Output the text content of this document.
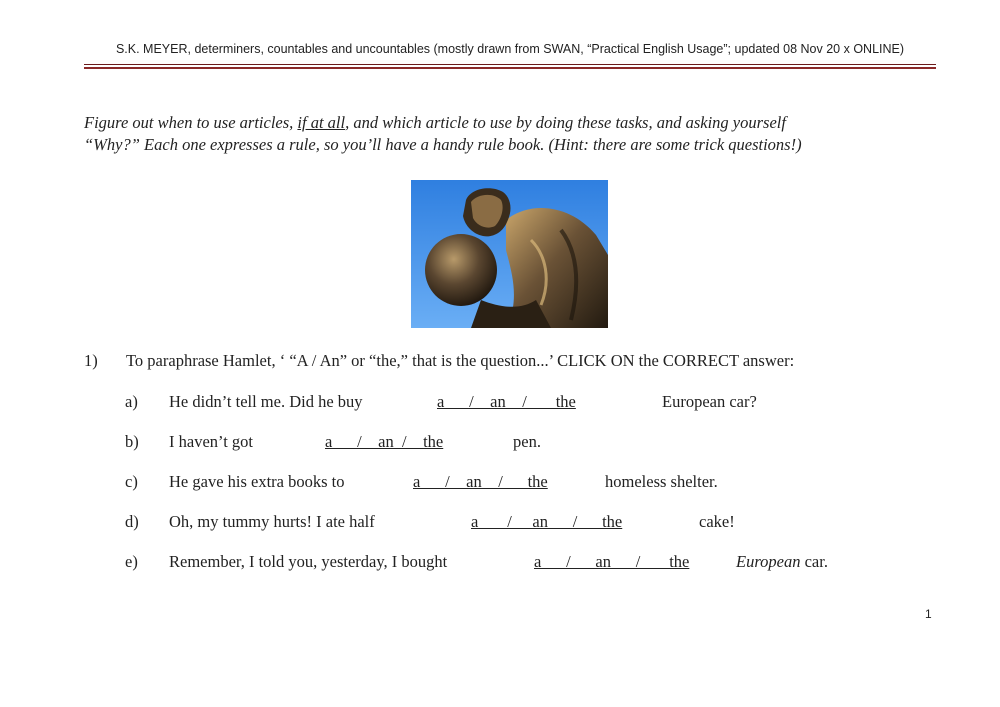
S.K. MEYER, determiners, countables and uncountables (mostly drawn from SWAN, “Practical English Usage”; updated 08 Nov 20 x ONLINE)
Figure out when to use articles, if at all, and which article to use by doing these tasks, and asking yourself
“Why?” Each one expresses a rule, so you’ll have a handy rule book. (Hint: there are some trick questions!)
1) To paraphrase Hamlet, ‘ “A / An” or “the,” that is the question...’ CLICK ON the CORRECT answer:
a) He didn’t tell me. Did he buy	a      /    an    /       the	European car?
b) I haven’t got	a      /    an  /    the	pen.
c) He gave his extra books to	a      /    an    /      the	homeless shelter.
d) Oh, my tummy hurts! I ate half	a       /     an_    /      the	cake!
e) Remember, I told you, yesterday, I bought	a      /      an      /       the	European car.
1
